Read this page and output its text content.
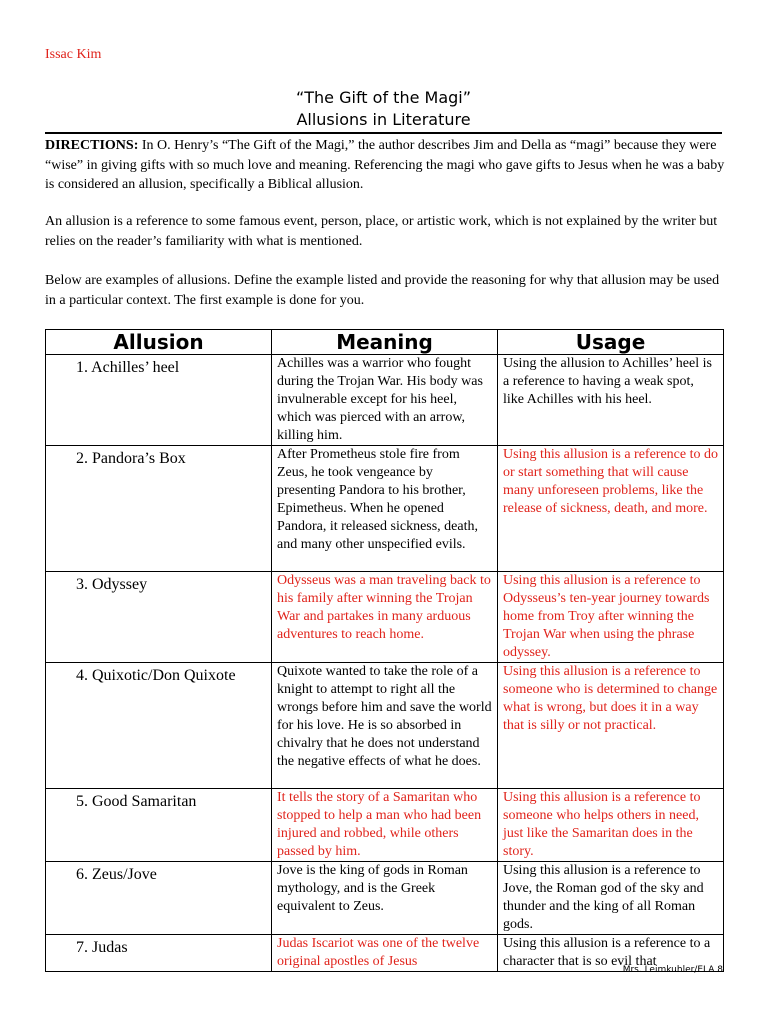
Issac Kim
“The Gift of the Magi”
Allusions in Literature
DIRECTIONS: In O. Henry’s “The Gift of the Magi,” the author describes Jim and Della as “magi” because they were “wise” in giving gifts with so much love and meaning. Referencing the magi who gave gifts to Jesus when he was a baby is considered an allusion, specifically a Biblical allusion.
An allusion is a reference to some famous event, person, place, or artistic work, which is not explained by the writer but relies on the reader’s familiarity with what is mentioned.
Below are examples of allusions. Define the example listed and provide the reasoning for why that allusion may be used in a particular context. The first example is done for you.
Allusion	Meaning	Usage
1. Achilles’ heel	Achilles was a warrior who fought during the Trojan War. His body was invulnerable except for his heel, which was pierced with an arrow, killing him.	Using the allusion to Achilles’ heel is a reference to having a weak spot, like Achilles with his heel.
2. Pandora’s Box	After Prometheus stole fire from Zeus, he took vengeance by presenting Pandora to his brother, Epimetheus. When he opened Pandora, it released sickness, death, and many other unspecified evils.	Using this allusion is a reference to do or start something that will cause many unforeseen problems, like the release of sickness, death, and more.
3. Odyssey	Odysseus was a man traveling back to his family after winning the Trojan War and partakes in many arduous adventures to reach home.	Using this allusion is a reference to Odysseus’s ten-year journey towards home from Troy after winning the Trojan War when using the phrase odyssey.
4. Quixotic/Don Quixote	Quixote wanted to take the role of a knight to attempt to right all the wrongs before him and save the world for his love. He is so absorbed in chivalry that he does not understand the negative effects of what he does.	Using this allusion is a reference to someone who is determined to change what is wrong, but does it in a way that is silly or not practical.
5. Good Samaritan	It tells the story of a Samaritan who stopped to help a man who had been injured and robbed, while others passed by him.	Using this allusion is a reference to someone who helps others in need, just like the Samaritan does in the story.
6. Zeus/Jove	Jove is the king of gods in Roman mythology, and is the Greek equivalent to Zeus.	Using this allusion is a reference to Jove, the Roman god of the sky and thunder and the king of all Roman gods.
7. Judas	Judas Iscariot was one of the twelve original apostles of Jesus	Using this allusion is a reference to a character that is so evil that
Mrs. Leimkuhler/ELA 8
